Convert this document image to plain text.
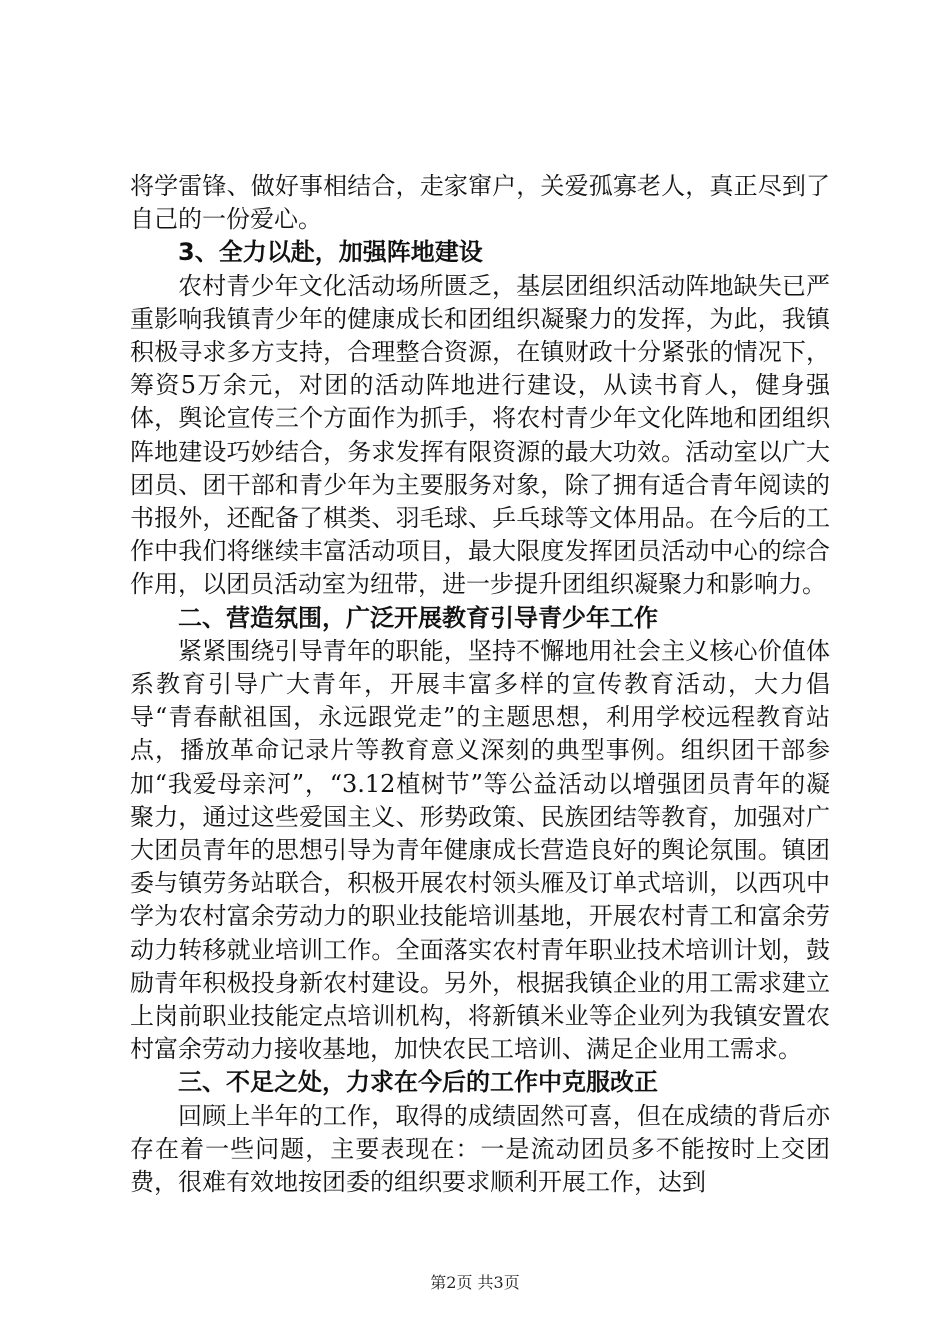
将学雷锋、做好事相结合，走家窜户，关爱孤寡老人，真正尽到了自己的一份爱心。

3、全力以赴，加强阵地建设

农村青少年文化活动场所匮乏，基层团组织活动阵地缺失已严重影响我镇青少年的健康成长和团组织凝聚力的发挥，为此，我镇积极寻求多方支持，合理整合资源，在镇财政十分紧张的情况下，筹资5万余元，对团的活动阵地进行建设，从读书育人，健身强体，舆论宣传三个方面作为抓手，将农村青少年文化阵地和团组织阵地建设巧妙结合，务求发挥有限资源的最大功效。活动室以广大团员、团干部和青少年为主要服务对象，除了拥有适合青年阅读的书报外，还配备了棋类、羽毛球、乒乓球等文体用品。在今后的工作中我们将继续丰富活动项目，最大限度发挥团员活动中心的综合作用，以团员活动室为纽带，进一步提升团组织凝聚力和影响力。

二、营造氛围，广泛开展教育引导青少年工作

紧紧围绕引导青年的职能，坚持不懈地用社会主义核心价值体系教育引导广大青年，开展丰富多样的宣传教育活动，大力倡导“青春献祖国，永远跟党走”的主题思想，利用学校远程教育站点，播放革命记录片等教育意义深刻的典型事例。组织团干部参加“我爱母亲河”，“3.12植树节”等公益活动以增强团员青年的凝聚力，通过这些爱国主义、形势政策、民族团结等教育，加强对广大团员青年的思想引导为青年健康成长营造良好的舆论氛围。镇团委与镇劳务站联合，积极开展农村领头雁及订单式培训，以西巩中学为农村富余劳动力的职业技能培训基地，开展农村青工和富余劳动力转移就业培训工作。全面落实农村青年职业技术培训计划，鼓励青年积极投身新农村建设。另外，根据我镇企业的用工需求建立上岗前职业技能定点培训机构，将新镇米业等企业列为我镇安置农村富余劳动力接收基地，加快农民工培训、满足企业用工需求。

三、不足之处，力求在今后的工作中克服改正

回顾上半年的工作，取得的成绩固然可喜，但在成绩的背后亦存在着一些问题，主要表现在：一是流动团员多不能按时上交团费，很难有效地按团委的组织要求顺利开展工作，达到

第2页 共3页
